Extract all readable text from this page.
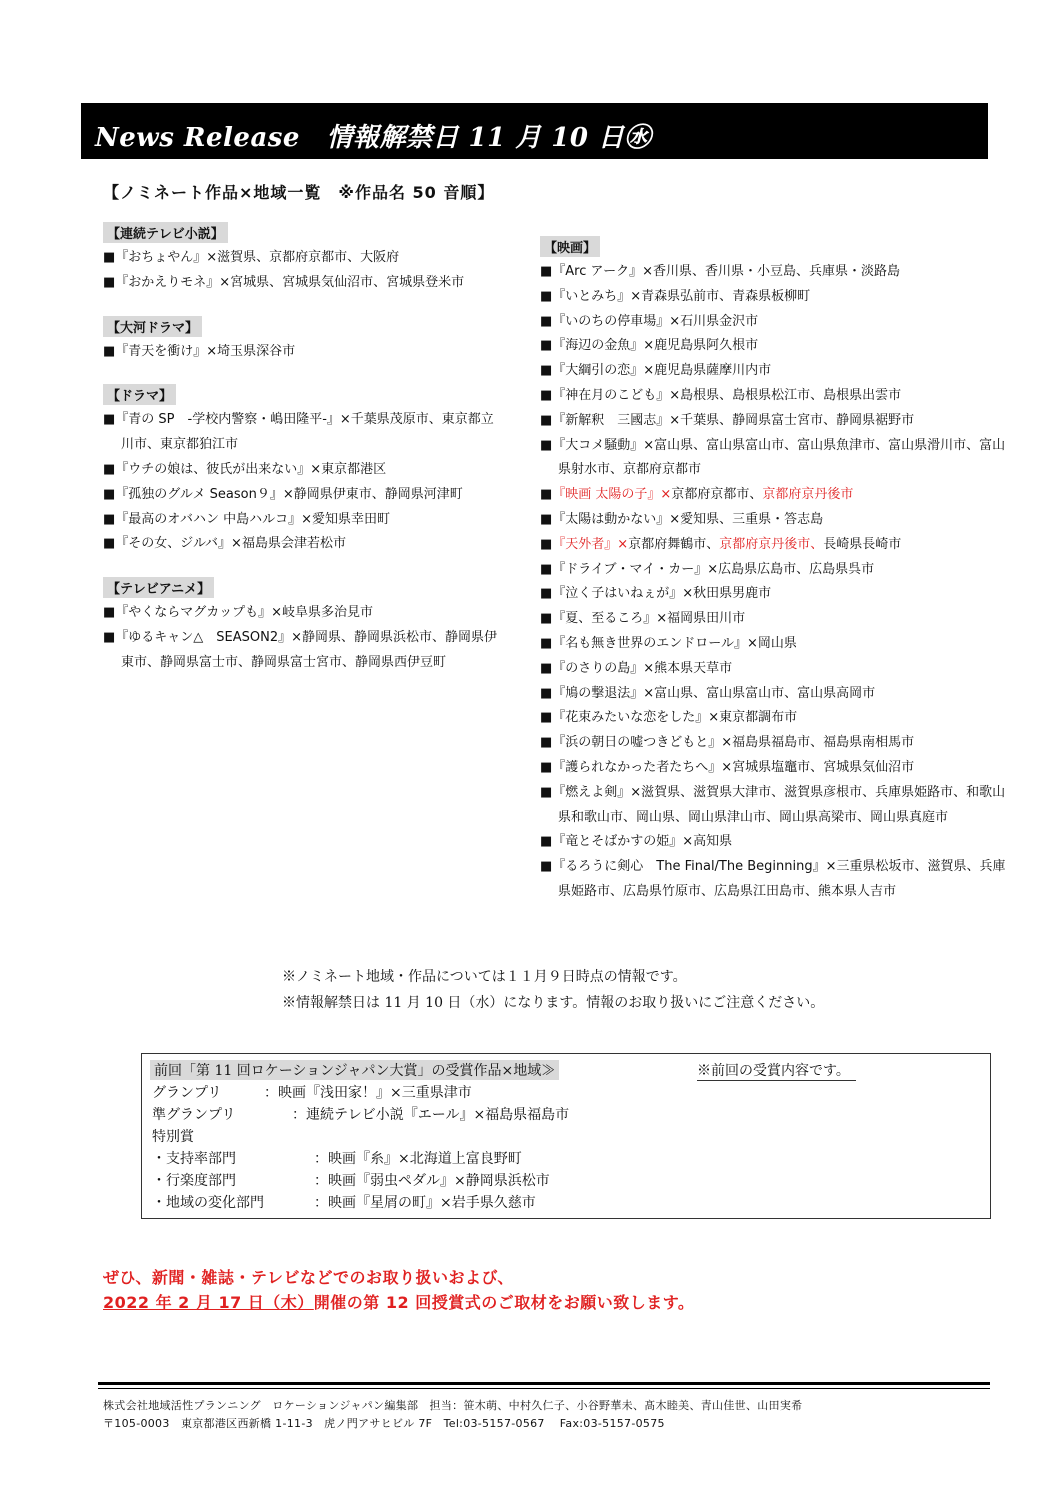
News Release　情報解禁日 11 月 10 日㊌
【ノミネート作品×地域一覧　※作品名 50 音順】
【連続テレビ小説】
■『おちょやん』×滋賀県、京都府京都市、大阪府
■『おかえりモネ』×宮城県、宮城県気仙沼市、宮城県登米市
【大河ドラマ】
■『青天を衝け』×埼玉県深谷市
【ドラマ】
■『青の SP　-学校内警察・嶋田隆平-』×千葉県茂原市、東京都立川市、東京都狛江市
■『ウチの娘は、彼氏が出来ない』×東京都港区
■『孤独のグルメ Season９』×静岡県伊東市、静岡県河津町
■『最高のオバハン 中島ハルコ』×愛知県幸田町
■『その女、ジルバ』×福島県会津若松市
【テレビアニメ】
■『やくならマグカップも』×岐阜県多治見市
■『ゆるキャン△　SEASON2』×静岡県、静岡県浜松市、静岡県伊東市、静岡県富士市、静岡県富士宮市、静岡県西伊豆町
【映画】
■『Arc アーク』×香川県、香川県・小豆島、兵庫県・淡路島
■『いとみち』×青森県弘前市、青森県板柳町
■『いのちの停車場』×石川県金沢市
■『海辺の金魚』×鹿児島県阿久根市
■『大綱引の恋』×鹿児島県薩摩川内市
■『神在月のこども』×島根県、島根県松江市、島根県出雲市
■『新解釈　三國志』×千葉県、静岡県富士宮市、静岡県裾野市
■『大コメ騒動』×富山県、富山県富山市、富山県魚津市、富山県滑川市、富山県射水市、京都府京都市
■『映画 太陽の子』×京都府京都市、京都府京丹後市
■『太陽は動かない』×愛知県、三重県・答志島
■『天外者』×京都府舞鶴市、京都府京丹後市、長崎県長崎市
■『ドライブ・マイ・カー』×広島県広島市、広島県呉市
■『泣く子はいねぇが』×秋田県男鹿市
■『夏、至るころ』×福岡県田川市
■『名も無き世界のエンドロール』×岡山県
■『のさりの島』×熊本県天草市
■『鳩の撃退法』×富山県、富山県富山市、富山県高岡市
■『花束みたいな恋をした』×東京都調布市
■『浜の朝日の嘘つきどもと』×福島県福島市、福島県南相馬市
■『護られなかった者たちへ』×宮城県塩竈市、宮城県気仙沼市
■『燃えよ剣』×滋賀県、滋賀県大津市、滋賀県彦根市、兵庫県姫路市、和歌山県和歌山市、岡山県、岡山県津山市、岡山県高梁市、岡山県真庭市
■『竜とそばかすの姫』×高知県
■『るろうに剣心　The Final/The Beginning』×三重県松坂市、滋賀県、兵庫県姫路市、広島県竹原市、広島県江田島市、熊本県人吉市
※ノミネート地域・作品については１１月９日時点の情報です。
※情報解禁日は 11 月 10 日（水）になります。情報のお取り扱いにご注意ください。
前回「第 11 回ロケーションジャパン大賞」の受賞作品×地域≫	※前回の受賞内容です。
グランプリ	：映画『浅田家！』×三重県津市
準グランプリ	：連続テレビ小説『エール』×福島県福島市
特別賞
・支持率部門	：映画『糸』×北海道上富良野町
・行楽度部門	：映画『弱虫ペダル』×静岡県浜松市
・地域の変化部門	：映画『星屑の町』×岩手県久慈市
ぜひ、新聞・雑誌・テレビなどでのお取り扱いおよび、
2022 年 2 月 17 日（木）開催の第 12 回授賞式のご取材をお願い致します。
株式会社地域活性プランニング　ロケーションジャパン編集部　担当：笹木萌、中村久仁子、小谷野華未、髙木睦美、青山佳世、山田実希
〒105-0003　東京都港区西新橋 1-11-3　虎ノ門アサヒビル 7F　Tel:03-5157-0567　 Fax:03-5157-0575
